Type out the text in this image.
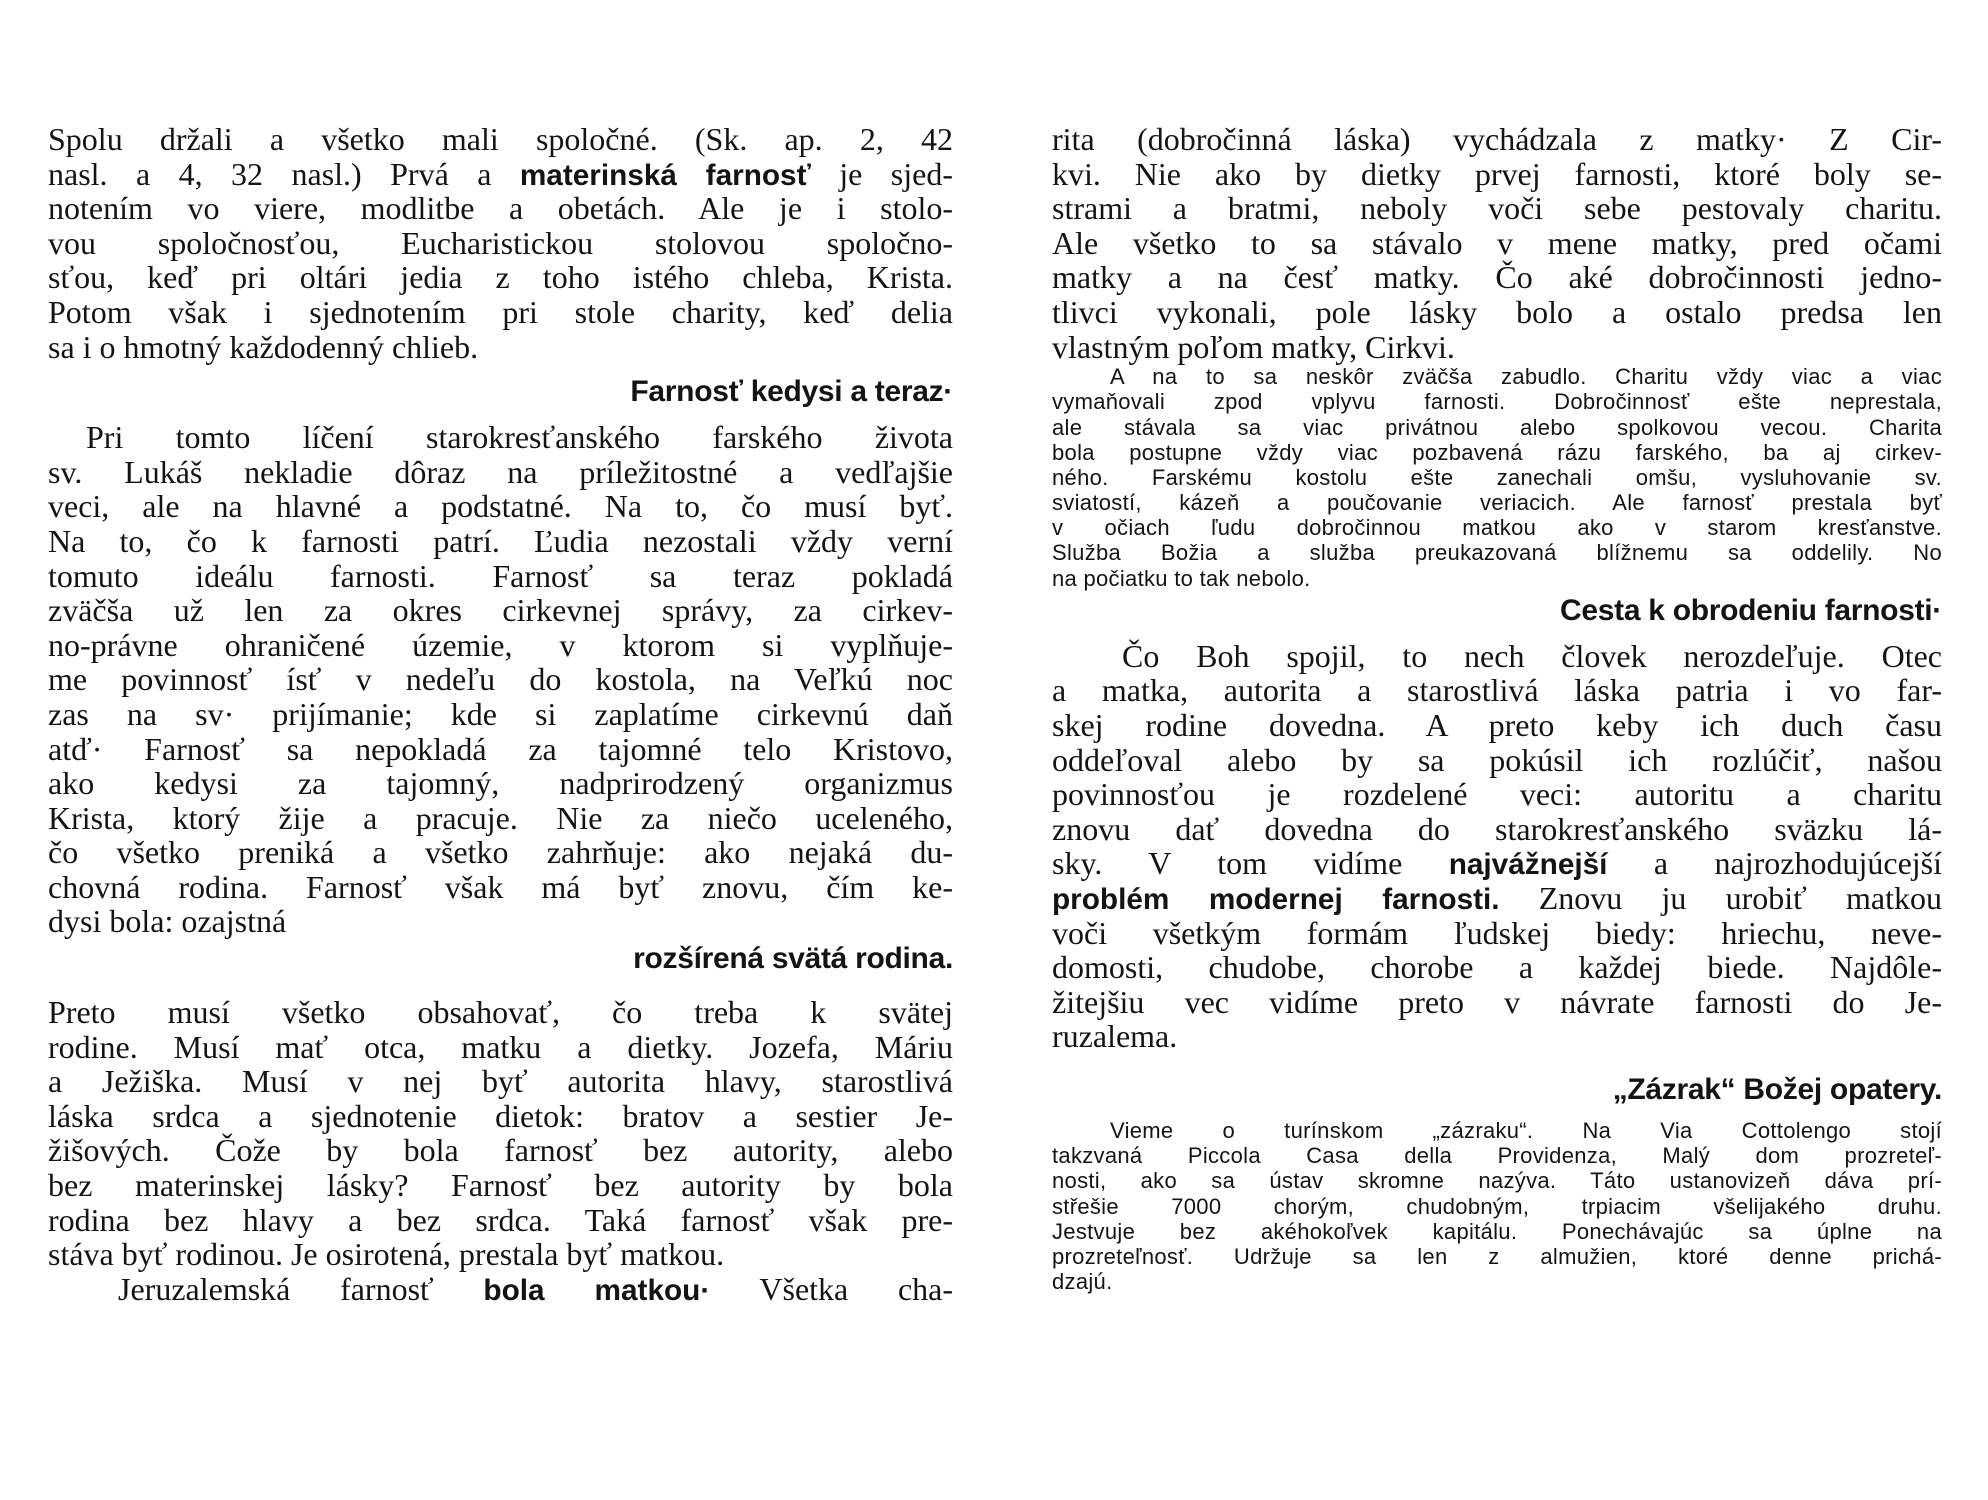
Spolu držali a všetko mali spoločné. (Sk. ap. 2, 42
nasl. a 4, 32 nasl.) Prvá a materinská farnosť je sjed-
notením vo viere, modlitbe a obetách. Ale je i stolo-
vou spoločnosťou, Eucharistickou stolovou spoločno-
sťou, keď pri oltári jedia z toho istého chleba, Krista.
Potom však i sjednotením pri stole charity, keď delia
sa i o hmotný každodenný chlieb.
Farnosť kedysi a teraz·
Pri tomto líčení starokresťanského farského života
sv. Lukáš nekladie dôraz na príležitostné a vedľajšie
veci, ale na hlavné a podstatné. Na to, čo musí byť.
Na to, čo k farnosti patrí. Ľudia nezostali vždy verní
tomuto ideálu farnosti. Farnosť sa teraz pokladá
zväčša už len za okres cirkevnej správy, za cirkev-
no-právne ohraničené územie, v ktorom si vyplňuje-
me povinnosť ísť v nedeľu do kostola, na Veľkú noc
zas na sv· prijímanie; kde si zaplatíme cirkevnú daň
atď· Farnosť sa nepokladá za tajomné telo Kristovo,
ako kedysi za tajomný, nadprirodzený organizmus
Krista, ktorý žije a pracuje. Nie za niečo uceleného,
čo všetko preniká a všetko zahrňuje: ako nejaká du-
chovná rodina. Farnosť však má byť znovu, čím ke-
dysi bola: ozajstná
rozšírená svätá rodina.
Preto musí všetko obsahovať, čo treba k svätej
rodine. Musí mať otca, matku a dietky. Jozefa, Máriu
a Ježiška. Musí v nej byť autorita hlavy, starostlivá
láska srdca a sjednotenie dietok: bratov a sestier Je-
žišových. Čože by bola farnosť bez autority, alebo
bez materinskej lásky? Farnosť bez autority by bola
rodina bez hlavy a bez srdca. Taká farnosť však pre-
stáva byť rodinou. Je osirotená, prestala byť matkou.
Jeruzalemská farnosť bola matkou· Všetka cha-
rita (dobročinná láska) vychádzala z matky· Z Cir-
kvi. Nie ako by dietky prvej farnosti, ktoré boly se-
strami a bratmi, neboly voči sebe pestovaly charitu.
Ale všetko to sa stávalo v mene matky, pred očami
matky a na česť matky. Čo aké dobročinnosti jedno-
tlivci vykonali, pole lásky bolo a ostalo predsa len
vlastným poľom matky, Cirkvi.
A na to sa neskôr zväčša zabudlo. Charitu vždy viac a viac
vymaňovali zpod vplyvu farnosti. Dobročinnosť ešte neprestala,
ale stávala sa viac privátnou alebo spolkovou vecou. Charita
bola postupne vždy viac pozbavená rázu farského, ba aj cirkev-
ného. Farskému kostolu ešte zanechali omšu, vysluhovanie sv.
sviatostí, kázeň a poučovanie veriacich. Ale farnosť prestala byť
v očiach ľudu dobročinnou matkou ako v starom kresťanstve.
Služba Božia a služba preukazovaná blížnemu sa oddelily. No
na počiatku to tak nebolo.
Cesta k obrodeniu farnosti·
Čo Boh spojil, to nech človek nerozdeľuje. Otec
a matka, autorita a starostlivá láska patria i vo far-
skej rodine dovedna. A preto keby ich duch času
oddeľoval alebo by sa pokúsil ich rozlúčiť, našou
povinnosťou je rozdelené veci: autoritu a charitu
znovu dať dovedna do starokresťanského sväzku lá-
sky. V tom vidíme najvážnejší a najrozhodujúcejší
problém modernej farnosti. Znovu ju urobiť matkou
voči všetkým formám ľudskej biedy: hriechu, neve-
domosti, chudobe, chorobe a každej biede. Najdôle-
žitejšiu vec vidíme preto v návrate farnosti do Je-
ruzalema.
„Zázrak“ Božej opatery.
Vieme o turínskom „zázraku“. Na Via Cottolengo stojí
takzvaná Piccola Casa della Providenza, Malý dom prozreteľ-
nosti, ako sa ústav skromne nazýva. Táto ustanovizeň dáva prí-
střešie 7000 chorým, chudobným, trpiacim všelijakého druhu.
Jestvuje bez akéhokoľvek kapitálu. Ponechávajúc sa úplne na
prozreteľnosť. Udržuje sa len z almužien, ktoré denne prichá-
dzajú.
